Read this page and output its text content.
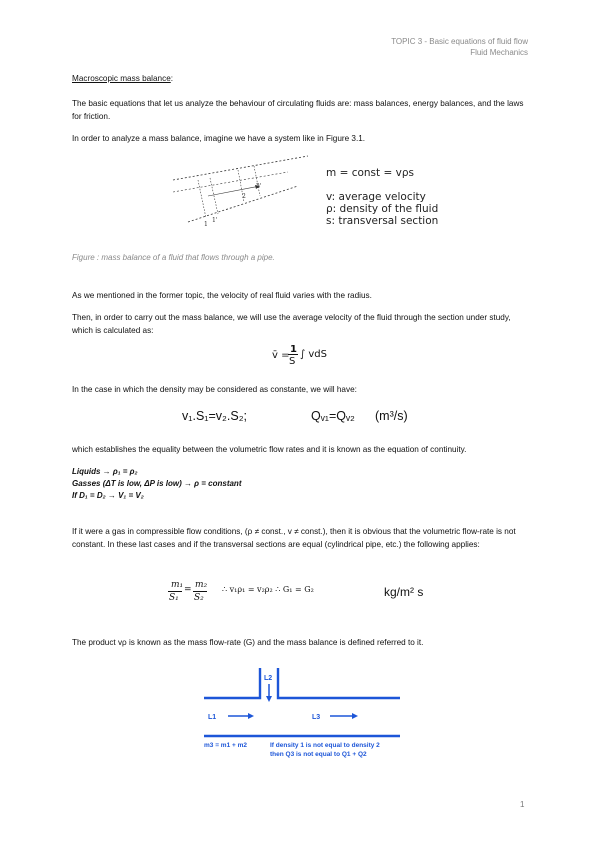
TOPIC 3 - Basic equations of fluid flow
Fluid Mechanics
Macroscopic mass balance:
The basic equations that let us analyze the behaviour of circulating fluids are: mass balances, energy balances, and the laws for friction.
In order to analyze a mass balance, imagine we have a system like in Figure 3.1.
1
1'
2
2'
m = const = vρs
v: average velocity
ρ: density of the fluid
s: transversal section
Figure : mass balance of a fluid that flows through a pipe.
As we mentioned in the former topic, the velocity of real fluid varies with the radius.
Then, in order to carry out the mass balance, we will use the average velocity of the fluid through the section under study, which is calculated as:
v̄ =
1
S
∫ vdS
In the case in which the density may be considered as constante, we will have:
v₁.S₁=v₂.S₂;	Qᵥ₁=Qᵥ₂ (m³/s)
which establishes the equality between the volumetric flow rates and it is known as the equation of continuity.
Liquids → ρ₁ = ρ₂
Gasses (ΔT is low, ΔP is low) → ρ = constant
If D₁ = D₂ → V₁ = V₂
If it were a gas in compressible flow conditions, (ρ ≠ const., v ≠ const.), then it is obvious that the volumetric flow-rate is not constant. In these last cases and if the transversal sections are equal (cylindrical pipe, etc.) the following applies:
m₁
S₁
= m₂
S₂
∴ v₁ρ₁ = v₂ρ₂ ∴ G₁ = G₂	kg/m² s
The product vρ is known as the mass flow-rate (G) and the mass balance is defined referred to it.
L1
L2
L3
m3 = m1 + m2	If density 1 is not equal to density 2
then Q3 is not equal to Q1 + Q2
1
